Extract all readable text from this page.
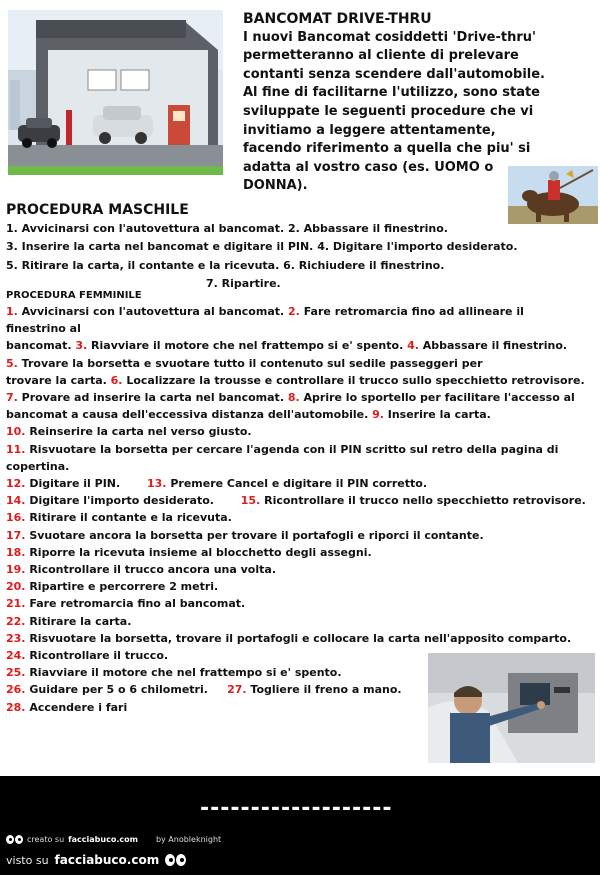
BANCOMAT DRIVE-THRU
I nuovi Bancomat cosiddetti 'Drive-thru'
permetteranno al cliente di prelevare
contanti senza scendere dall'automobile.
Al fine di facilitarne l'utilizzo, sono state
sviluppate le seguenti procedure che vi
invitiamo a leggere attentamente,
facendo riferimento a quella che piu' si
adatta al vostro caso (es. UOMO o
DONNA).
PROCEDURA MASCHILE
1. Avvicinarsi con l'autovettura al bancomat. 2. Abbassare il finestrino.
3. Inserire la carta nel bancomat e digitare il PIN. 4. Digitare l'importo desiderato.
5. Ritirare la carta, il contante e la ricevuta. 6. Richiudere il finestrino.
7. Ripartire.
PROCEDURA FEMMINILE
1. Avvicinarsi con l'autovettura al bancomat. 2. Fare retromarcia fino ad allineare il
finestrino al
bancomat. 3. Riavviare il motore che nel frattempo si e' spento. 4. Abbassare il finestrino.
5. Trovare la borsetta e svuotare tutto il contenuto sul sedile passeggeri per
trovare la carta. 6. Localizzare la trousse e controllare il trucco sullo specchietto retrovisore.
7. Provare ad inserire la carta nel bancomat. 8. Aprire lo sportello per facilitare l'accesso al
bancomat a causa dell'eccessiva distanza dell'automobile. 9. Inserire la carta.
10. Reinserire la carta nel verso giusto.
11. Risvuotare la borsetta per cercare l'agenda con il PIN scritto sul retro della pagina di
copertina.
12. Digitare il PIN.       13. Premere Cancel e digitare il PIN corretto.
14. Digitare l'importo desiderato.       15. Ricontrollare il trucco nello specchietto retrovisore.
16. Ritirare il contante e la ricevuta.
17. Svuotare ancora la borsetta per trovare il portafogli e riporci il contante.
18. Riporre la ricevuta insieme al blocchetto degli assegni.
19. Ricontrollare il trucco ancora una volta.
20. Ripartire e percorrere 2 metri.
21. Fare retromarcia fino al bancomat.
22. Ritirare la carta.
23. Risvuotare la borsetta, trovare il portafogli e collocare la carta nell'apposito comparto.
24. Ricontrollare il trucco.
25. Riavviare il motore che nel frattempo si e' spento.
26. Guidare per 5 o 6 chilometri.     27. Togliere il freno a mano.
28. Accendere i fari
-------------------
creato su facciabuco.com by Anobleknight
visto su facciabuco.com
